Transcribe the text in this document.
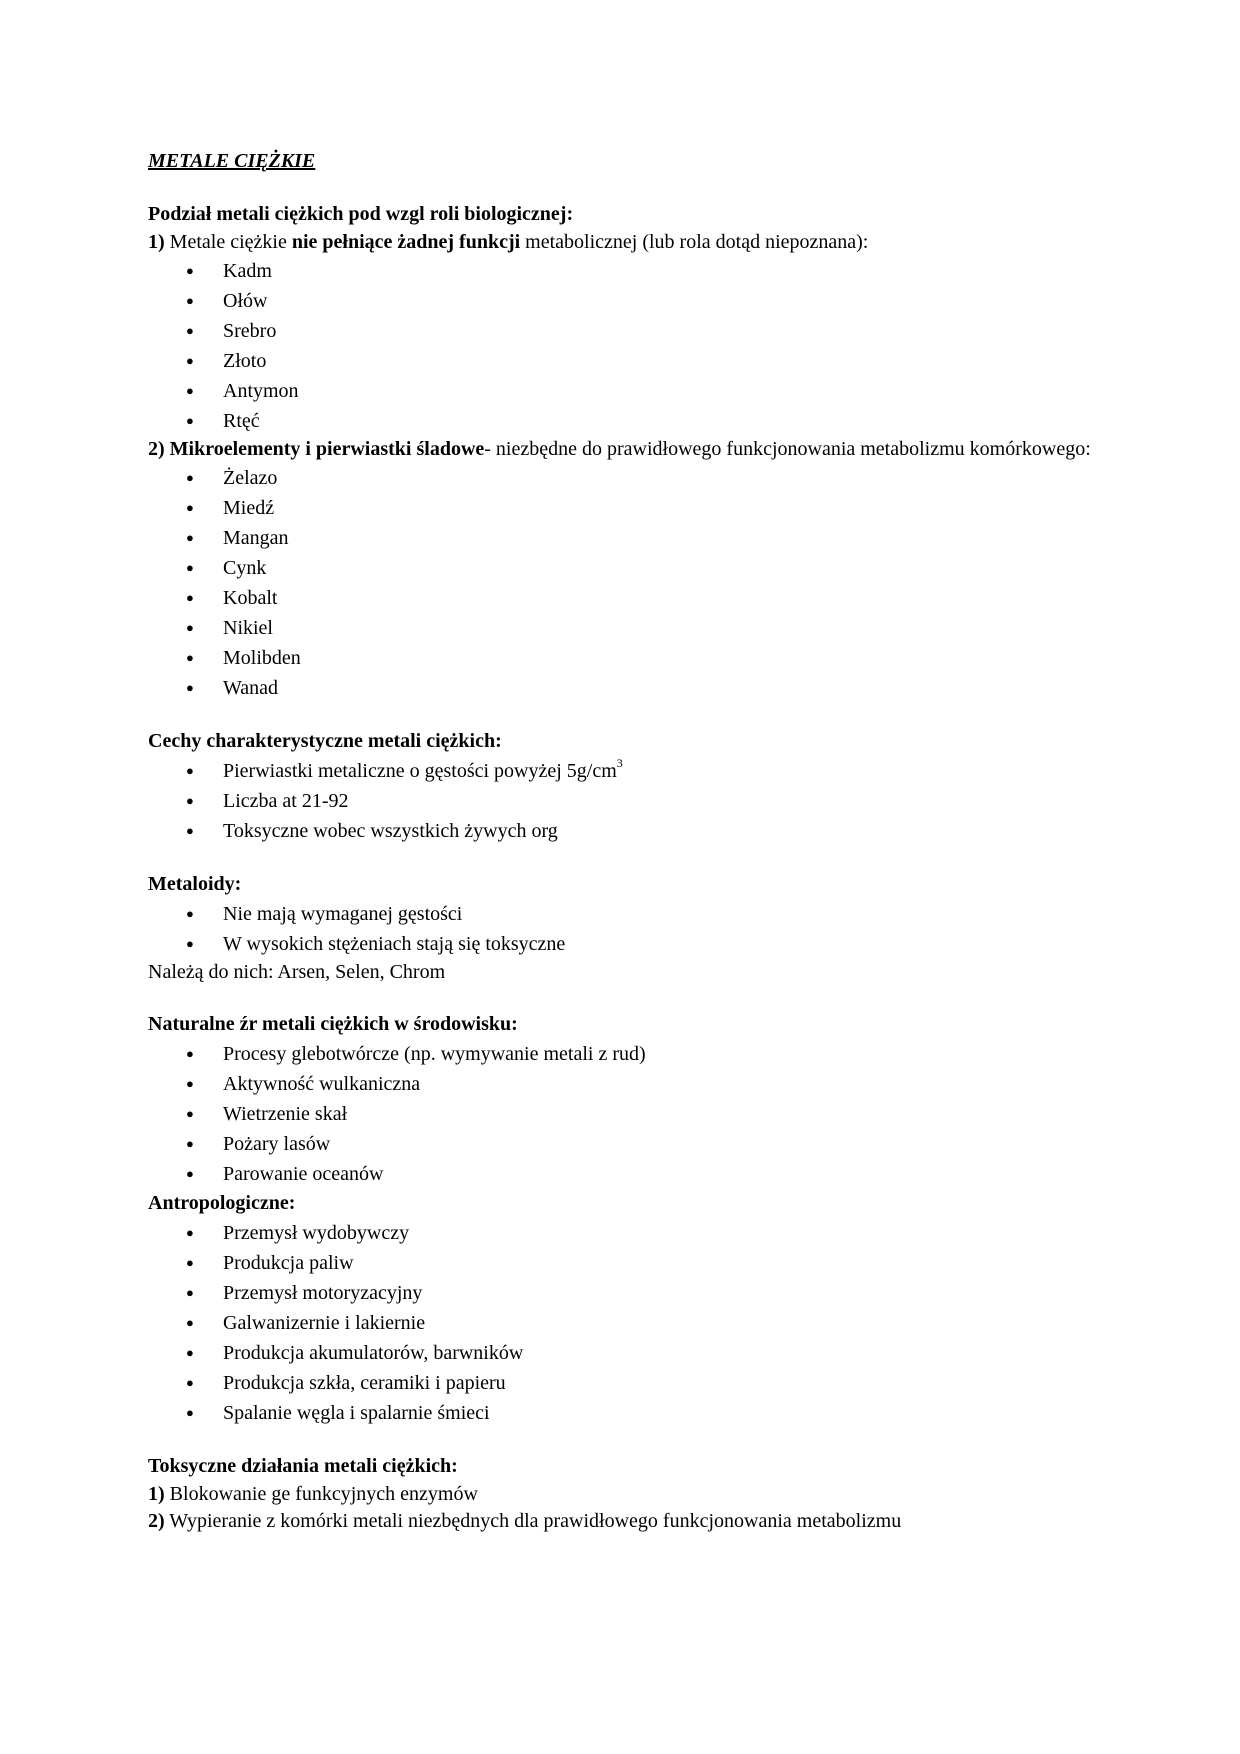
METALE CIĘŻKIE

Podział metali ciężkich pod wzgl roli biologicznej:

1) Metale ciężkie nie pełniące żadnej funkcji metabolicznej (lub rola dotąd niepoznana):

● Kadm
● Ołów
● Srebro
● Złoto
● Antymon
● Rtęć

2) Mikroelementy i pierwiastki śladowe- niezbędne do prawidłowego funkcjonowania metabolizmu komórkowego:

● Żelazo
● Miedź
● Mangan
● Cynk
● Kobalt
● Nikiel
● Molibden
● Wanad

Cechy charakterystyczne metali ciężkich:

● Pierwiastki metaliczne o gęstości powyżej $5g/cm^3$
● Liczba at 21-92
● Toksyczne wobec wszystkich żywych org

Metaloidy:

● Nie mają wymaganej gęstości
● W wysokich stężeniach stają się toksyczne

Należą do nich: Arsen, Selen, Chrom

Naturalne źr metali ciężkich w środowisku:

● Procesy glebotwórcze (np. wymywanie metali z rud)
● Aktywność wulkaniczna
● Wietrzenie skał
● Pożary lasów
● Parowanie oceanów

Antropologiczne:

● Przemysł wydobywczy
● Produkcja paliw
● Przemysł motoryzacyjny
● Galwanizernie i lakiernie
● Produkcja akumulatorów, barwników
● Produkcja szkła, ceramiki i papieru
● Spalanie węgla i spalarnie śmieci

Toksyczne działania metali ciężkich:

1) Blokowanie ge funkcyjnych enzymów

2) Wypieranie z komórki metali niezbędnych dla prawidłowego funkcjonowania metabolizmu
